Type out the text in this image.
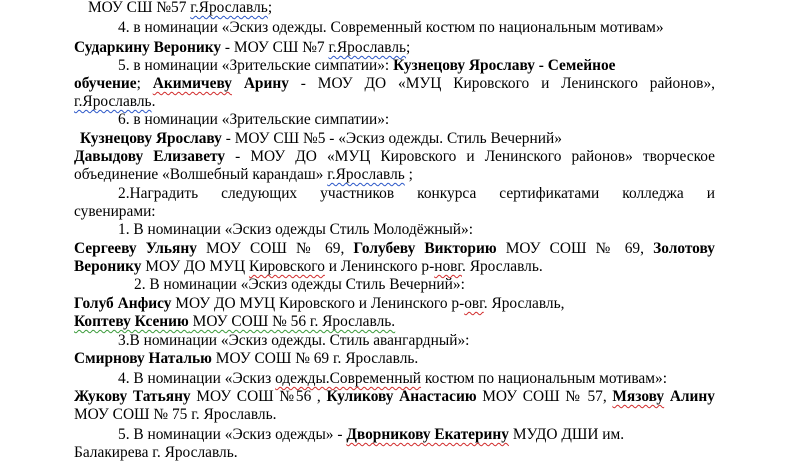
МОУ СШ №57 г.Ярославль;
4. в номинации «Эскиз одежды. Современный костюм по национальным мотивам»
Сударкину Веронику - МОУ СШ №7 г.Ярославль;
5. в номинации «Зрительские симпатии»: Кузнецову Ярославу - Семейное
обучение; Акимичеву Арину - МОУ ДО «МУЦ Кировского и Ленинского районов»,
г.Ярославль.
6. в номинации «Зрительские симпатии»:
Кузнецову Ярославу - МОУ СШ №5 - «Эскиз одежды. Стиль Вечерний»
Давыдову Елизавету - МОУ ДО «МУЦ Кировского и Ленинского районов» творческое
объединение «Волшебный карандаш» г.Ярославль ;
2.Наградить следующих участников конкурса сертификатами колледжа и
сувенирами:
1. В номинации «Эскиз одежды Стиль Молодёжный»:
Сергееву Ульяну МОУ СОШ № 69, Голубеву Викторию МОУ СОШ № 69, Золотову
Веронику МОУ ДО МУЦ Кировского и Ленинского р-новг. Ярославль.
2. В номинации «Эскиз одежды Стиль Вечерний»:
Голуб Анфису МОУ ДО МУЦ Кировского и Ленинского р-овг. Ярославль,
Коптеву Ксению МОУ СОШ № 56 г. Ярославль.
3.В номинации «Эскиз одежды. Стиль авангардный»:
Смирнову Наталью МОУ СОШ № 69 г. Ярославль.
4. В номинации «Эскиз одежды.Современный костюм по национальным мотивам»:
Жукову Татьяну МОУ СОШ №56 , Куликову Анастасию МОУ СОШ № 57, Мязову Алину
МОУ СОШ № 75 г. Ярославль.
5. В номинации «Эскиз одежды» - Дворникову Екатерину МУДО ДШИ им.
Балакирева г. Ярославль.
